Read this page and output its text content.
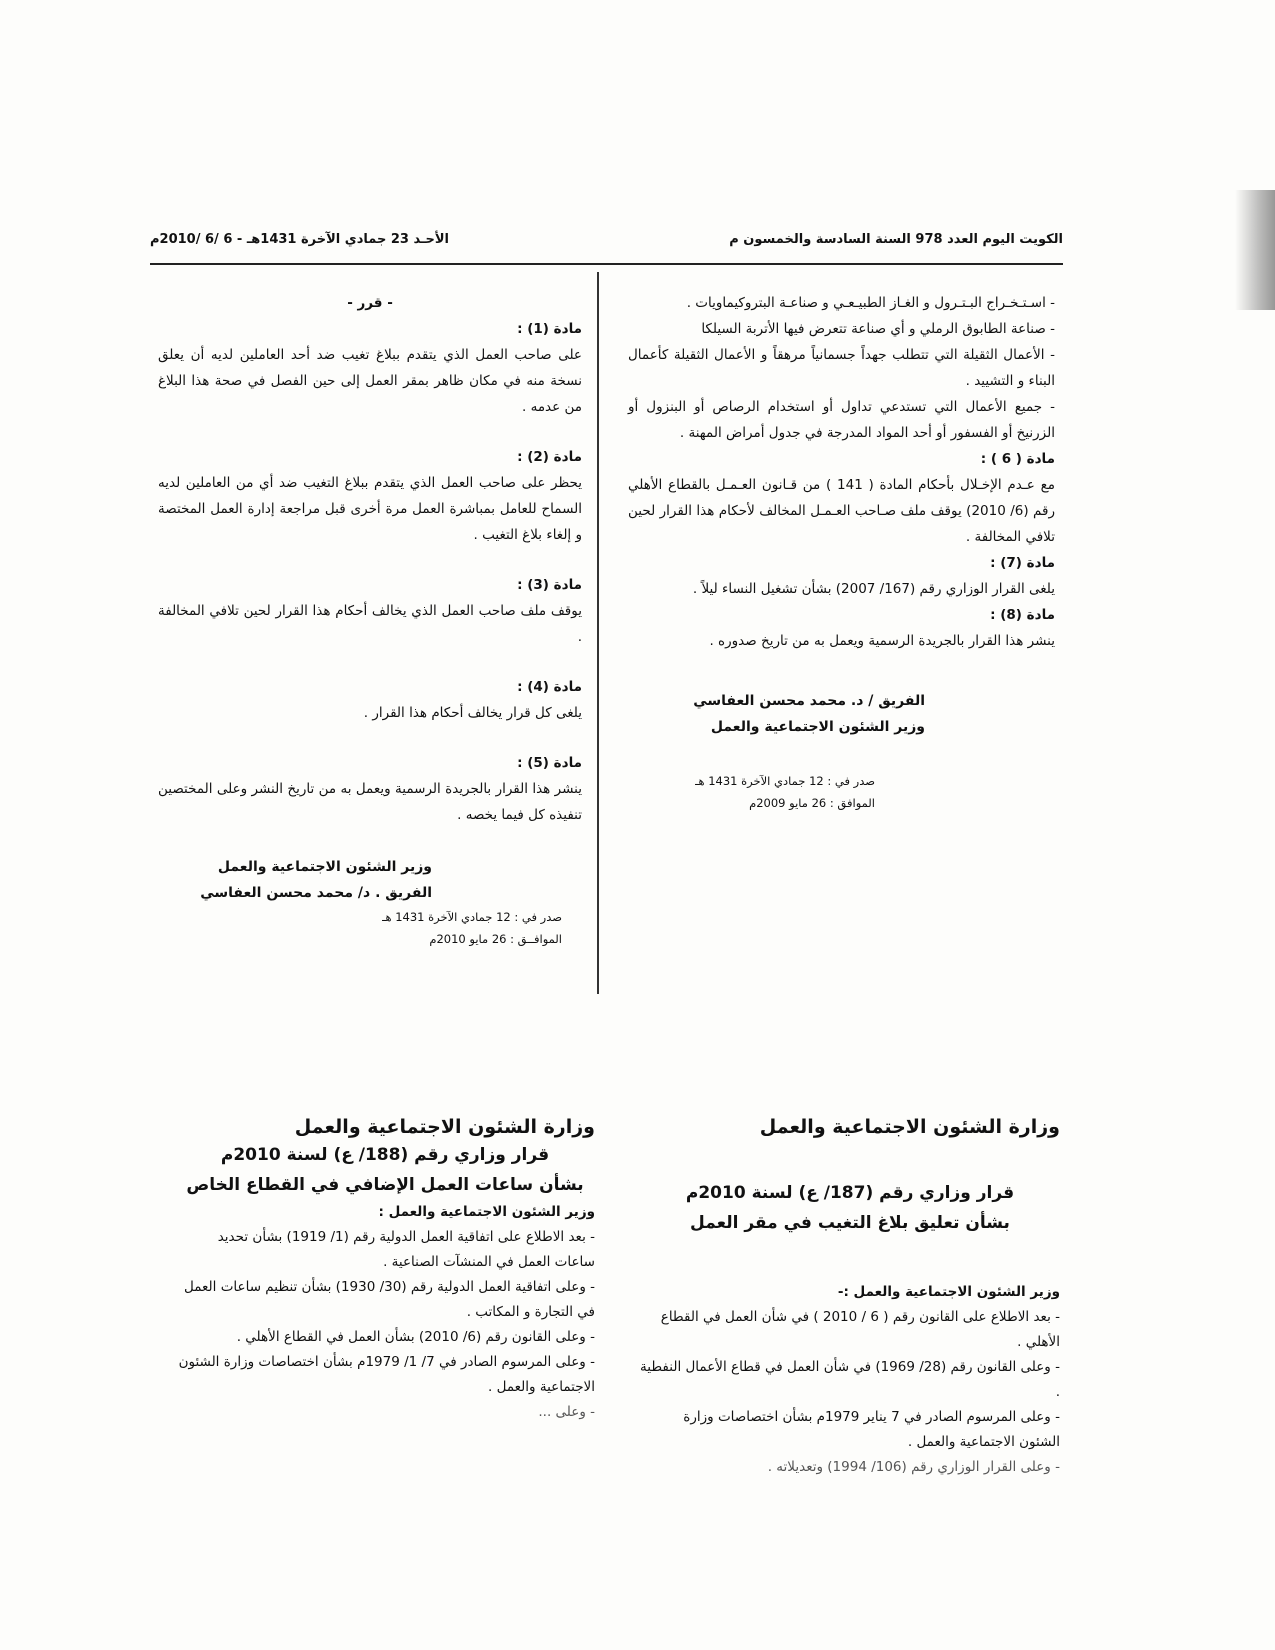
الكويت اليوم العدد 978 السنة السادسة والخمسون م
الأحـد 23 جمادي الآخرة 1431هـ - 6 /6 /2010م

- اسـتـخـراج البـتـرول و الغـاز الطبيـعـي و صناعـة البتروكيماويات .

- صناعة الطابوق الرملي و أي صناعة تتعرض فيها الأتربة السيلكا

- الأعمال الثقيلة التي تتطلب جهداً جسمانياً مرهقاً و الأعمال الثقيلة كأعمال البناء و التشييد .

- جميع الأعمال التي تستدعي تداول أو استخدام الرصاص أو البنزول أو الزرنيخ أو الفسفور أو أحد المواد المدرجة في جدول أمراض المهنة .

مادة ( 6 ) :

مع عـدم الإخـلال بأحكام المادة ( 141 ) من قـانون العـمـل بالقطاع الأهلي رقم (6/ 2010) يوقف ملف صـاحب العـمـل المخالف لأحكام هذا القرار لحين تلافي المخالفة .

مادة (7) :

يلغى القرار الوزاري رقم (167/ 2007) بشأن تشغيل النساء ليلاً .

مادة (8) :

ينشر هذا القرار بالجريدة الرسمية ويعمل به من تاريخ صدوره .

الفريق / د. محمد محسن العفاسي

وزير الشئون الاجتماعية والعمل

صدر في : 12 جمادي الآخرة 1431 هـ

الموافق : 26 مايو 2009م

- قرر -

مادة (1) :

على صاحب العمل الذي يتقدم ببلاغ تغيب ضد أحد العاملين لديه أن يعلق نسخة منه في مكان ظاهر بمقر العمل إلى حين الفصل في صحة هذا البلاغ من عدمه .

مادة (2) :

يحظر على صاحب العمل الذي يتقدم ببلاغ التغيب ضد أي من العاملين لديه السماح للعامل بمباشرة العمل مرة أخرى قبل مراجعة إدارة العمل المختصة و إلغاء بلاغ التغيب .

مادة (3) :

يوقف ملف صاحب العمل الذي يخالف أحكام هذا القرار لحين تلافي المخالفة .

مادة (4) :

يلغى كل قرار يخالف أحكام هذا القرار .

مادة (5) :

ينشر هذا القرار بالجريدة الرسمية ويعمل به من تاريخ النشر وعلى المختصين تنفيذه كل فيما يخصه .

وزير الشئون الاجتماعية والعمل

الفريق . د/ محمد محسن العفاسي

صدر في : 12 جمادي الآخرة 1431 هـ

الموافــق : 26 مايو 2010م

وزارة الشئون الاجتماعية والعمل

قرار وزاري رقم (187/ ع) لسنة 2010م

بشأن تعليق بلاغ التغيب في مقر العمل

وزير الشئون الاجتماعية والعمل :-

- بعد الاطلاع على القانون رقم ( 6 / 2010 ) في شأن العمل في القطاع الأهلي .

- وعلى القانون رقم (28/ 1969) في شأن العمل في قطاع الأعمال النفطية .

- وعلى المرسوم الصادر في 7 يناير 1979م بشأن اختصاصات وزارة الشئون الاجتماعية والعمل .

- وعلى القرار الوزاري رقم (106/ 1994) وتعديلاته .

وزارة الشئون الاجتماعية والعمل

قرار وزاري رقم (188/ ع) لسنة 2010م

بشأن ساعات العمل الإضافي في القطاع الخاص

وزير الشئون الاجتماعية والعمل :

- بعد الاطلاع على اتفاقية العمل الدولية رقم (1/ 1919) بشأن تحديد ساعات العمل في المنشآت الصناعية .

- وعلى اتفاقية العمل الدولية رقم (30/ 1930) بشأن تنظيم ساعات العمل في التجارة و المكاتب .

- وعلى القانون رقم (6/ 2010) بشأن العمل في القطاع الأهلي .

- وعلى المرسوم الصادر في 7/ 1/ 1979م بشأن اختصاصات وزارة الشئون الاجتماعية والعمل .

- وعلى ...
